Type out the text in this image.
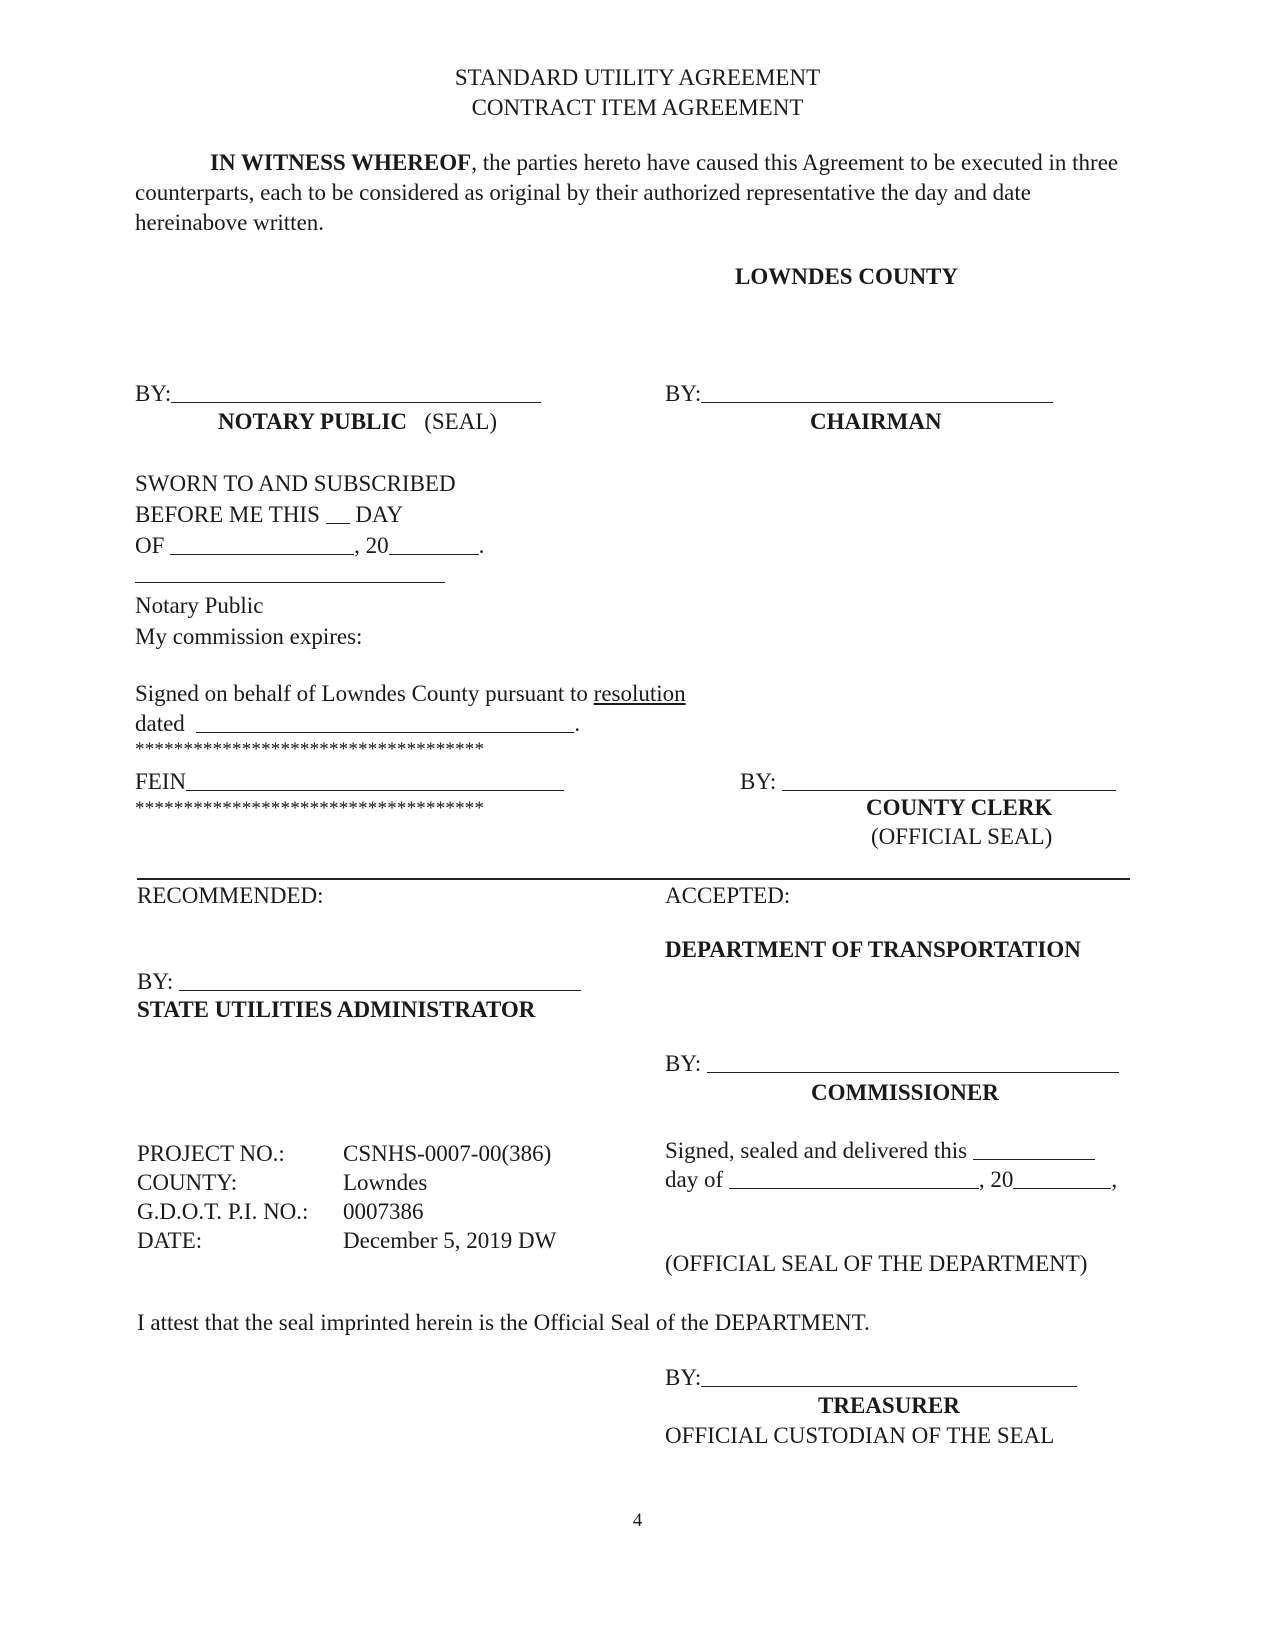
STANDARD UTILITY AGREEMENT
CONTRACT ITEM AGREEMENT
IN WITNESS WHEREOF, the parties hereto have caused this Agreement to be executed in three counterparts, each to be considered as original by their authorized representative the day and date hereinabove written.
LOWNDES COUNTY
BY:
NOTARY PUBLIC (SEAL)
BY:
CHAIRMAN
SWORN TO AND SUBSCRIBED
BEFORE ME THIS DAY
OF	, 20	.
Notary Public
My commission expires:
Signed on behalf of Lowndes County pursuant to resolution
dated	.
************************************
FEIN
************************************
BY:
COUNTY CLERK
(OFFICIAL SEAL)
RECOMMENDED:	ACCEPTED:
DEPARTMENT OF TRANSPORTATION
BY:
STATE UTILITIES ADMINISTRATOR
BY:
COMMISSIONER
PROJECT NO.:	CSNHS-0007-00(386)
COUNTY:	Lowndes
G.D.O.T. P.I. NO.:	0007386
DATE:	December 5, 2019 DW
Signed, sealed and delivered this
day of	, 20	,
(OFFICIAL SEAL OF THE DEPARTMENT)
I attest that the seal imprinted herein is the Official Seal of the DEPARTMENT.
BY:
TREASURER
OFFICIAL CUSTODIAN OF THE SEAL
4
